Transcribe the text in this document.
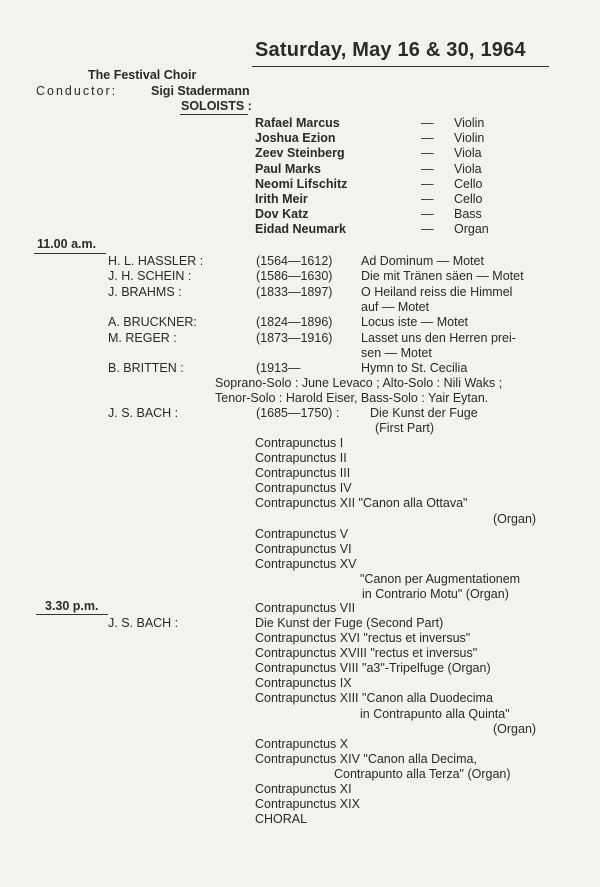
Saturday, May 16 & 30, 1964
The Festival Choir
Conductor:	Sigi Stadermann
SOLOISTS :
Rafael Marcus	— Violin
Joshua Ezion	— Violin
Zeev Steinberg	— Viola
Paul Marks	— Viola
Neomi Lifschitz	— Cello
Irith Meir	— Cello
Dov Katz	— Bass
Eidad Neumark	— Organ
11.00 a.m.
H. L. HASSLER :	(1564—1612) Ad Dominum — Motet
J. H. SCHEIN :	(1586—1630) Die mit Tränen säen — Motet
J. BRAHMS :	(1833—1897) O Heiland reiss die Himmel
auf — Motet
A. BRUCKNER:	(1824—1896) Locus iste — Motet
M. REGER :	(1873—1916) Lasset uns den Herren prei-
sen — Motet
B. BRITTEN :	(1913—	Hymn to St. Cecilia
Soprano-Solo : June Levaco ; Alto-Solo : Nili Waks ;
Tenor-Solo : Harold Eiser, Bass-Solo : Yair Eytan.
J. S. BACH :	(1685—1750) : Die Kunst der Fuge
(First Part)
Contrapunctus I
Contrapunctus II
Contrapunctus III
Contrapunctus IV
Contrapunctus XII "Canon alla Ottava"
(Organ)
Contrapunctus V
Contrapunctus VI
Contrapunctus XV
"Canon per Augmentationem
in Contrario Motu" (Organ)
3.30 p.m.	Contrapunctus VII
J. S. BACH :	Die Kunst der Fuge (Second Part)
Contrapunctus XVI "rectus et inversus"
Contrapunctus XVIII "rectus et inversus"
Contrapunctus VIII "a3"-Tripelfuge (Organ)
Contrapunctus IX
Contrapunctus XIII "Canon alla Duodecima
in Contrapunto alla Quinta"
(Organ)
Contrapunctus X
Contrapunctus XIV "Canon alla Decima,
Contrapunto alla Terza" (Organ)
Contrapunctus XI
Contrapunctus XIX
CHORAL
